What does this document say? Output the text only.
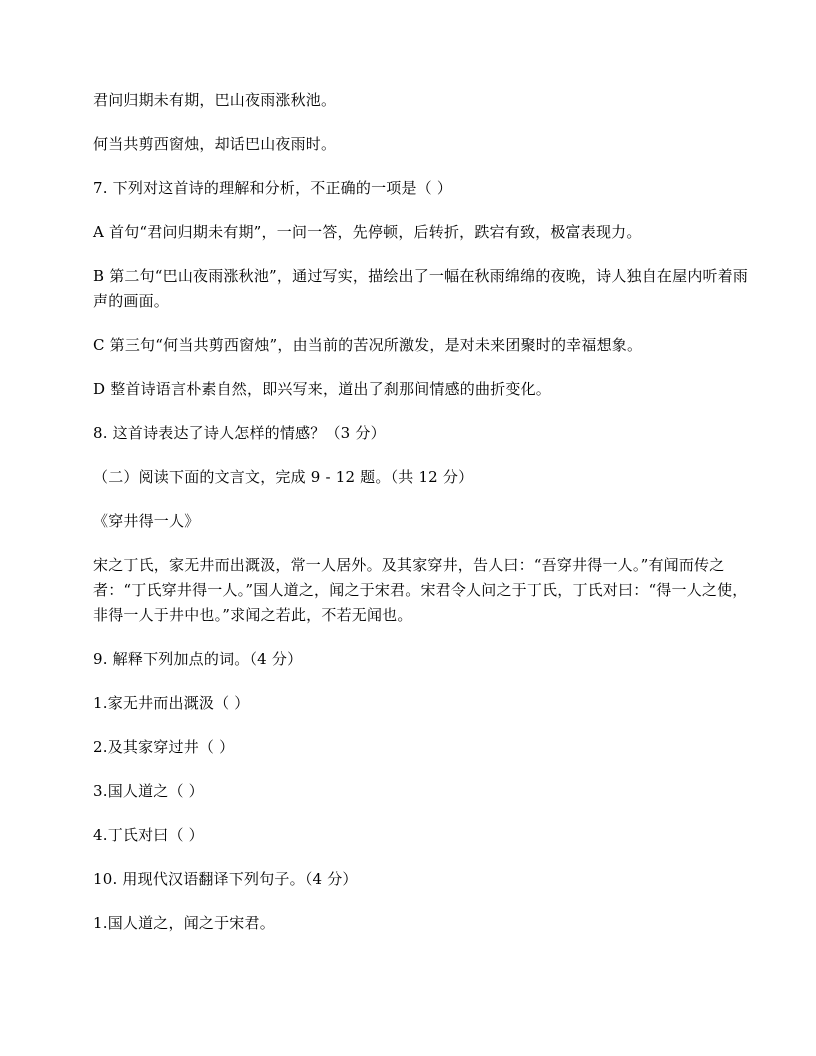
君问归期未有期，巴山夜雨涨秋池。

何当共剪西窗烛，却话巴山夜雨时。

7. 下列对这首诗的理解和分析，不正确的一项是（ ）

A 首句“君问归期未有期”，一问一答，先停顿，后转折，跌宕有致，极富表现力。

B 第二句“巴山夜雨涨秋池”，通过写实，描绘出了一幅在秋雨绵绵的夜晚，诗人独自在屋内听着雨声的画面。

C 第三句“何当共剪西窗烛”，由当前的苦况所激发，是对未来团聚时的幸福想象。

D 整首诗语言朴素自然，即兴写来，道出了刹那间情感的曲折变化。

8. 这首诗表达了诗人怎样的情感？（3 分）

（二）阅读下面的文言文，完成 9 - 12 题。（共 12 分）

《穿井得一人》

宋之丁氏，家无井而出溉汲，常一人居外。及其家穿井，告人曰：“吾穿井得一人。”有闻而传之者：“丁氏穿井得一人。”国人道之，闻之于宋君。宋君令人问之于丁氏，丁氏对曰：“得一人之使，非得一人于井中也。”求闻之若此，不若无闻也。

9. 解释下列加点的词。（4 分）

1.家无井而出溉汲（ ）

2.及其家穿过井（ ）

3.国人道之（ ）

4.丁氏对曰（ ）

10. 用现代汉语翻译下列句子。（4 分）

1.国人道之，闻之于宋君。
